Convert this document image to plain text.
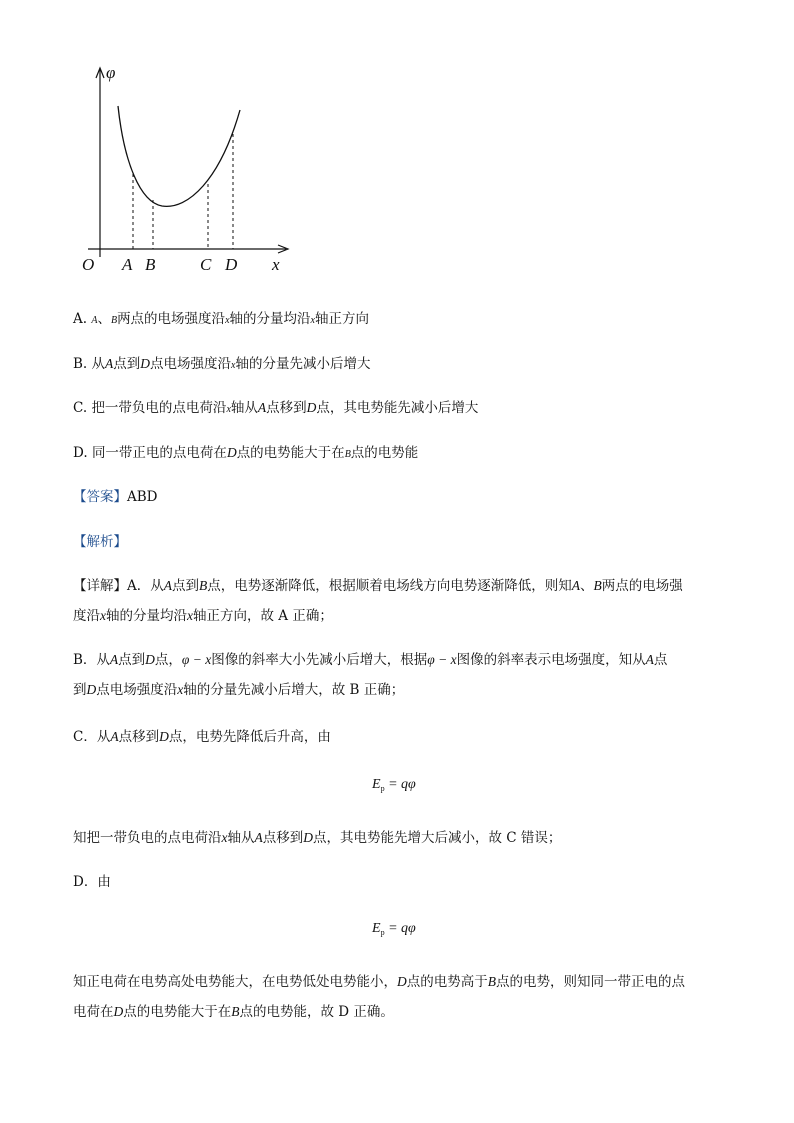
φ
O A B	C D x
A. A、B两点的电场强度沿x轴的分量均沿x轴正方向
B. 从A点到D点电场强度沿x轴的分量先减小后增大
C. 把一带负电的点电荷沿x轴从A点移到D点，其电势能先减小后增大
D. 同一带正电的点电荷在D点的电势能大于在B点的电势能
【答案】ABD
【解析】
【详解】A．从A点到B点，电势逐渐降低，根据顺着电场线方向电势逐渐降低，则知A、B两点的电场强
度沿x轴的分量均沿x轴正方向，故 A 正确；
B．从A点到D点，φ − x图像的斜率大小先减小后增大，根据φ − x图像的斜率表示电场强度，知从A点
到D点电场强度沿x轴的分量先减小后增大，故 B 正确；
C．从A点移到D点，电势先降低后升高，由
$E_p = q\varphi$
知把一带负电的点电荷沿x轴从A点移到D点，其电势能先增大后减小，故 C 错误；
D．由
$E_p = q\varphi$
知正电荷在电势高处电势能大，在电势低处电势能小，D点的电势高于B点的电势，则知同一带正电的点
电荷在D点的电势能大于在B点的电势能，故 D 正确。
